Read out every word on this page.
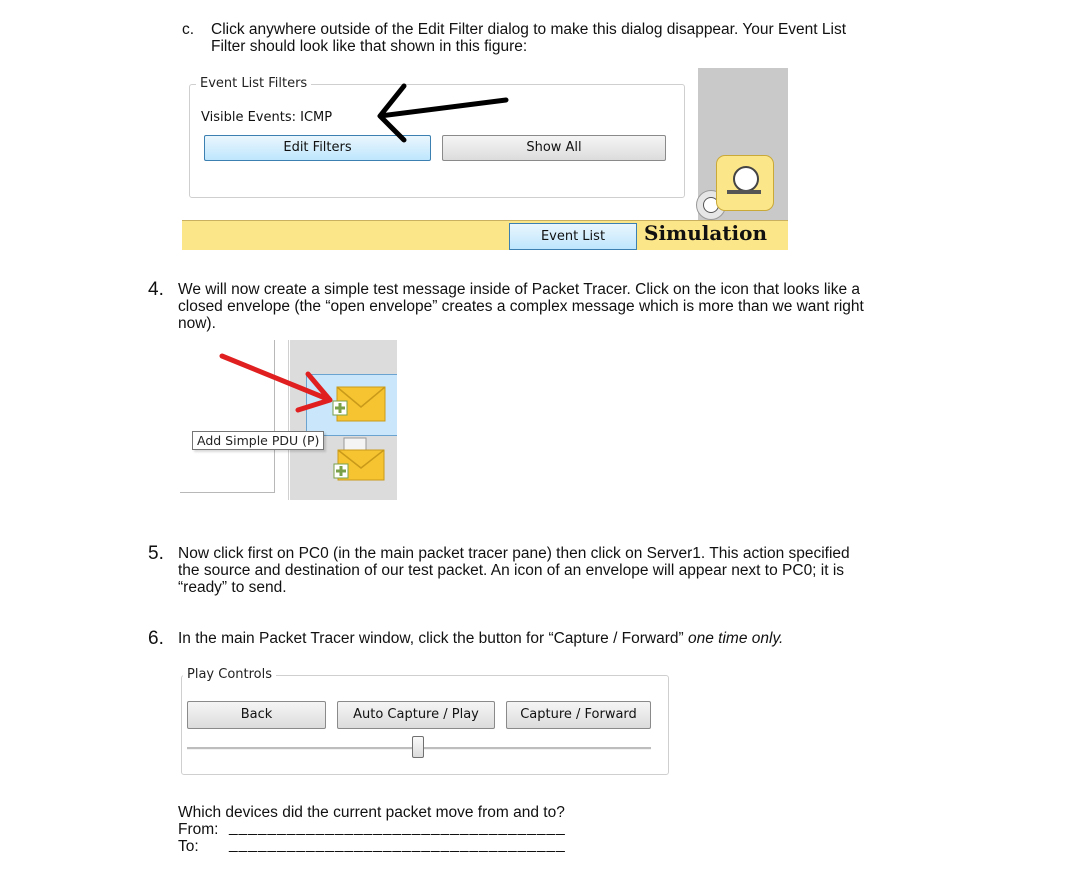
c. Click anywhere outside of the Edit Filter dialog to make this dialog disappear. Your Event List
Filter should look like that shown in this figure:
Event List Filters
Visible Events: ICMP
Edit Filters	Show All
Event List	Simulation
4. We will now create a simple test message inside of Packet Tracer. Click on the icon that looks like a
closed envelope (the “open envelope” creates a complex message which is more than we want right
now).
Add Simple PDU (P)
5. Now click first on PC0 (in the main packet tracer pane) then click on Server1. This action specified
the source and destination of our test packet. An icon of an envelope will appear next to PC0; it is
“ready” to send.
6. In the main Packet Tracer window, click the button for “Capture / Forward” one time only.
Play Controls
Back	Auto Capture / Play	Capture / Forward
Which devices did the current packet move from and to?
From: ___________________________________
To: ___________________________________
